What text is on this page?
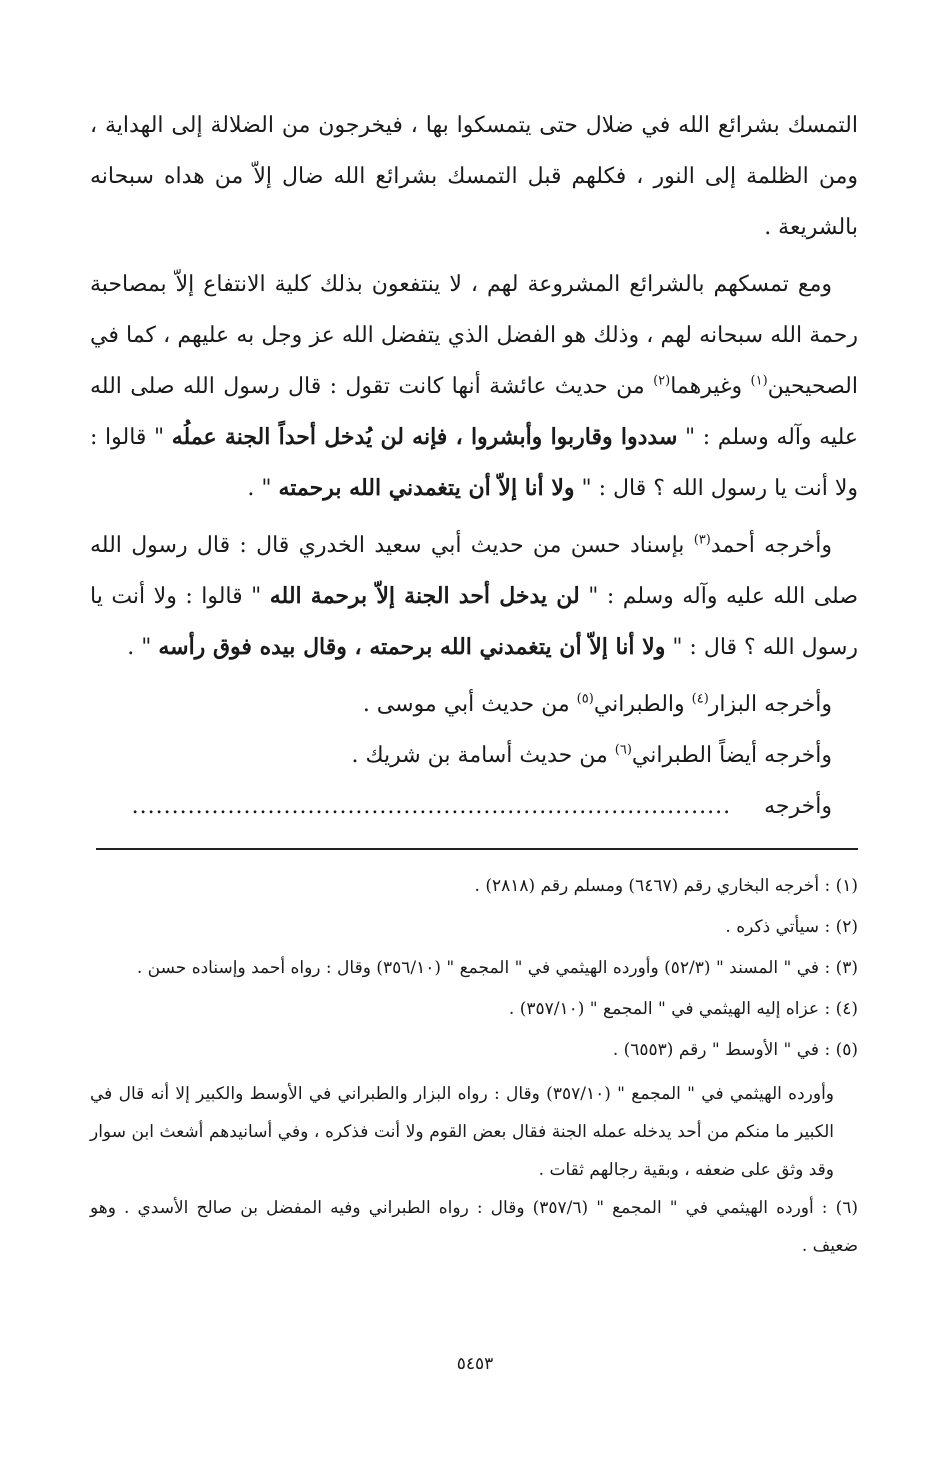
التمسك بشرائع الله في ضلال حتى يتمسكوا بها ، فيخرجون من الضلالة إلى الهداية ، ومن الظلمة إلى النور ، فكلهم قبل التمسك بشرائع الله ضال إلاّ من هداه سبحانه بالشريعة .

ومع تمسكهم بالشرائع المشروعة لهم ، لا ينتفعون بذلك كلية الانتفاع إلاّ بمصاحبة رحمة الله سبحانه لهم ، وذلك هو الفضل الذي يتفضل الله عز وجل به عليهم ، كما في الصحيحين$^{(١)}$ وغيرهما$^{(٢)}$ من حديث عائشة أنها كانت تقول : قال رسول الله صلى الله عليه وآله وسلم : " سددوا وقاربوا وأبشروا ، فإنه لن يُدخل أحداً الجنة عملُه " قالوا : ولا أنت يا رسول الله ؟ قال : " ولا أنا إلاّ أن يتغمدني الله برحمته " .

وأخرجه أحمد$^{(٣)}$ بإسناد حسن من حديث أبي سعيد الخدري قال : قال رسول الله صلى الله عليه وآله وسلم : " لن يدخل أحد الجنة إلاّ برحمة الله " قالوا : ولا أنت يا رسول الله ؟ قال : " ولا أنا إلاّ أن يتغمدني الله برحمته ، وقال بيده فوق رأسه " .

وأخرجه البزار$^{(٤)}$ والطبراني$^{(٥)}$ من حديث أبي موسى .

وأخرجه أيضاً الطبراني$^{(٦)}$ من حديث أسامة بن شريك .

وأخرجه ...........................................................................

(١) : أخرجه البخاري رقم (٦٤٦٧) ومسلم رقم (٢٨١٨) .

(٢) : سيأتي ذكره .

(٣) : في " المسند " (٥٢/٣) وأورده الهيثمي في " المجمع " (٣٥٦/١٠) وقال : رواه أحمد وإسناده حسن .

(٤) : عزاه إليه الهيثمي في " المجمع " (٣٥٧/١٠) .

(٥) : في " الأوسط " رقم (٦٥٥٣) .

وأورده الهيثمي في " المجمع " (٣٥٧/١٠) وقال : رواه البزار والطبراني في الأوسط والكبير إلا أنه قال في الكبير ما منكم من أحد يدخله عمله الجنة فقال بعض القوم ولا أنت فذكره ، وفي أسانيدهم أشعث ابن سوار وقد وثق على ضعفه ، وبقية رجالهم ثقات .

(٦) : أورده الهيثمي في " المجمع " (٣٥٧/٦) وقال : رواه الطبراني وفيه المفضل بن صالح الأسدي . وهو ضعيف .

٥٤٥٣
